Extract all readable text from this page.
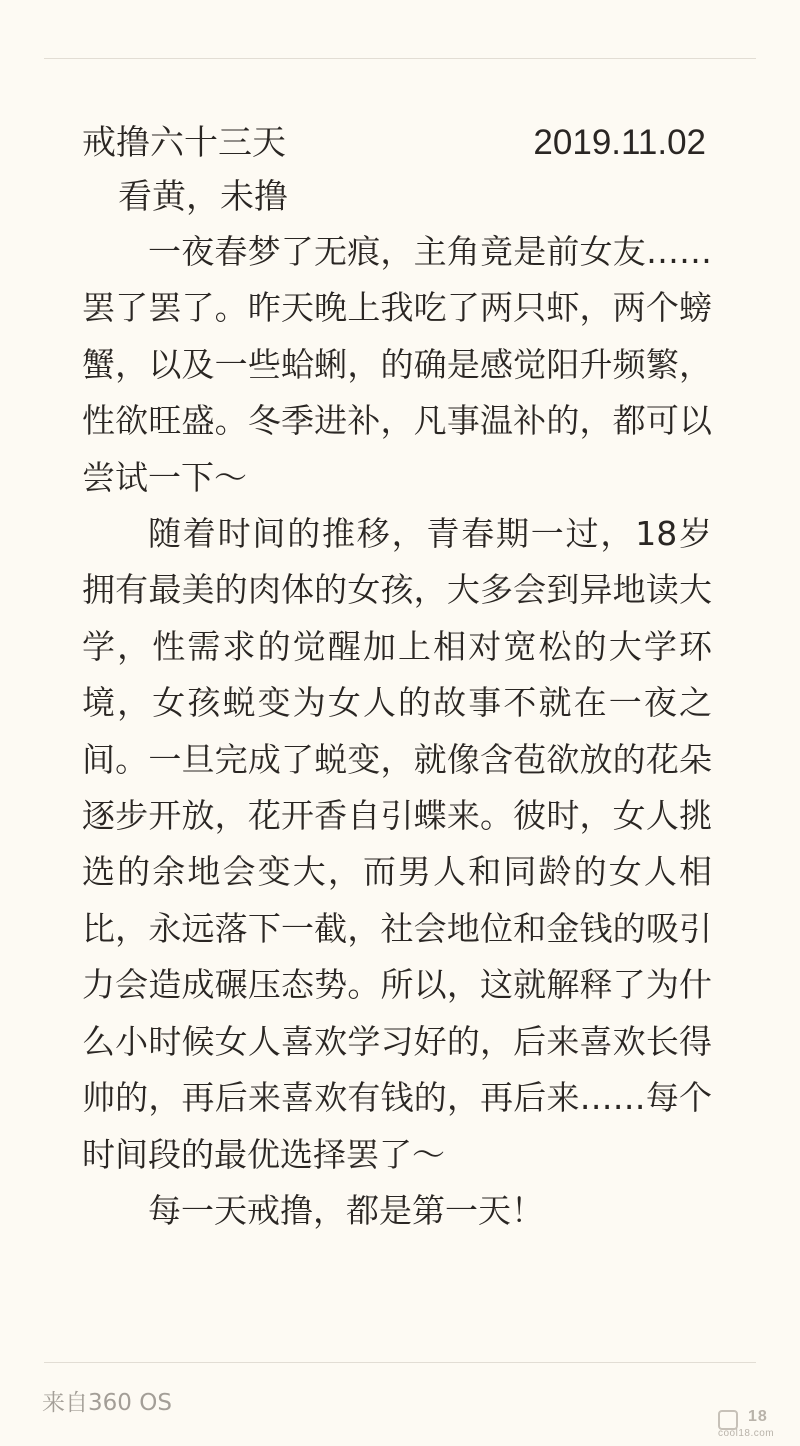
戒撸六十三天	2019.11.02
看黄，未撸

一夜春梦了无痕，主角竟是前女友……罢了罢了。昨天晚上我吃了两只虾，两个螃蟹，以及一些蛤蜊，的确是感觉阳升频繁，性欲旺盛。冬季进补，凡事温补的，都可以尝试一下～

随着时间的推移，青春期一过，18岁拥有最美的肉体的女孩，大多会到异地读大学，性需求的觉醒加上相对宽松的大学环境，女孩蜕变为女人的故事不就在一夜之间。一旦完成了蜕变，就像含苞欲放的花朵逐步开放，花开香自引蝶来。彼时，女人挑选的余地会变大，而男人和同龄的女人相比，永远落下一截，社会地位和金钱的吸引力会造成碾压态势。所以，这就解释了为什么小时候女人喜欢学习好的，后来喜欢长得帅的，再后来喜欢有钱的，再后来……每个时间段的最优选择罢了～

每一天戒撸，都是第一天！

来自360 OS
18
cool18.com
